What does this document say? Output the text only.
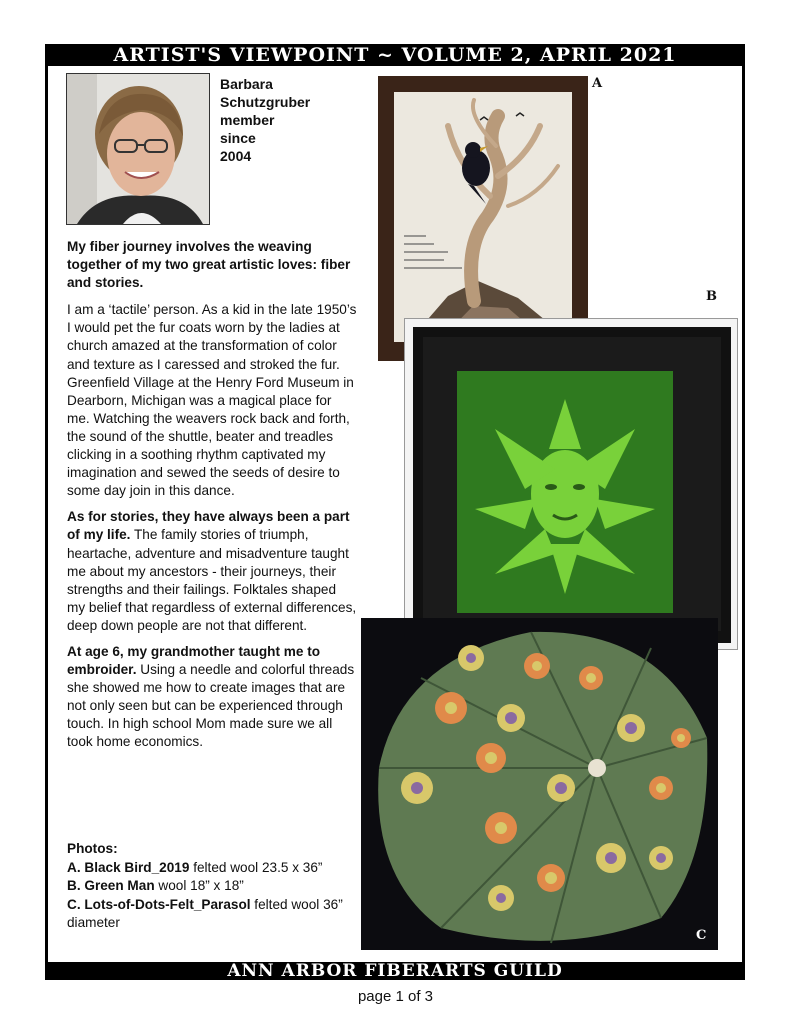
ARTIST'S VIEWPOINT ~ VOLUME 2, APRIL 2021
Barbara
Schutzgruber
member
since
2004

My fiber journey involves the weaving together of my two great artistic loves: fiber and stories.

I am a ‘tactile’ person. As a kid in the late 1950’s I would pet the fur coats worn by the ladies at church amazed at the transformation of color and texture as I caressed and stroked the fur. Greenfield Village at the Henry Ford Museum in Dearborn, Michigan was a magical place for me. Watching the weavers rock back and forth, the sound of the shuttle, beater and treadles clicking in a soothing rhythm captivated my imagination and sewed the seeds of desire to some day join in this dance.

As for stories, they have always been a part of my life. The family stories of triumph, heartache, adventure and misadventure taught me about my ancestors - their journeys, their strengths and their failings. Folktales shaped my belief that regardless of external differences, deep down people are not that different.

At age 6, my grandmother taught me to embroider. Using a needle and colorful threads she showed me how to create images that are not only seen but can be experienced through touch. In high school Mom made sure we all took home economics.

Photos:
A. Black Bird_2019 felted wool 23.5 x 36”
B. Green Man wool 18” x 18”
C. Lots-of-Dots-Felt_Parasol felted wool 36” diameter
A
B
C
ANN ARBOR FIBERARTS GUILD
page 1 of 3
